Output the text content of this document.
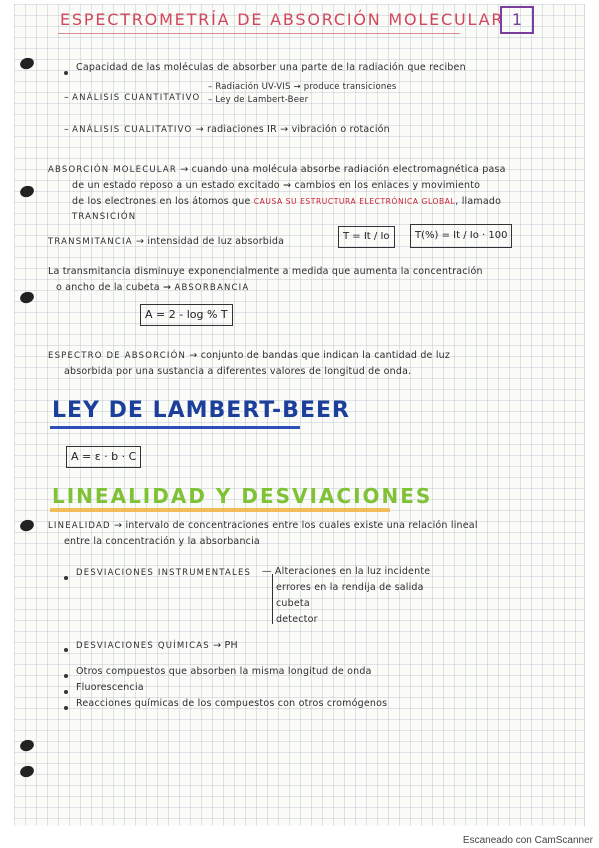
ESPECTROMETRÍA DE ABSORCIÓN MOLECULAR 1
Capacidad de las moléculas de absorber una parte de la radiación que reciben
– ANÁLISIS CUANTITATIVO
– Radiación UV-VIS → produce transiciones
– Ley de Lambert-Beer
– ANÁLISIS CUALITATIVO → radiaciones IR → vibración o rotación
ABSORCIÓN MOLECULAR → cuando una molécula absorbe radiación electromagnética pasa
de un estado reposo a un estado excitado ⇝ cambios en los enlaces y movimiento
de los electrones en los átomos que CAUSA SU ESTRUCTURA ELECTRÓNICA GLOBAL, llamado
TRANSICIÓN
TRANSMITANCIA → intensidad de luz absorbida	T = It / Io	T(%) = It / Io · 100
La transmitancia disminuye exponencialmente a medida que aumenta la concentración
o ancho de la cubeta ⇝ ABSORBANCIA
A = 2 - log % T
ESPECTRO DE ABSORCIÓN → conjunto de bandas que indican la cantidad de luz
absorbida por una sustancia a diferentes valores de longitud de onda.
LEY DE LAMBERT-BEER
A = ε · b · C
LINEALIDAD Y DESVIACIONES
LINEALIDAD → intervalo de concentraciones entre los cuales existe una relación lineal
entre la concentración y la absorbancia
DESVIACIONES INSTRUMENTALES — Alteraciones en la luz incidente
errores en la rendija de salida
cubeta
detector
DESVIACIONES QUÍMICAS → PH
Otros compuestos que absorben la misma longitud de onda
Fluorescencia
Reacciones químicas de los compuestos con otros cromógenos
Escaneado con CamScanner
